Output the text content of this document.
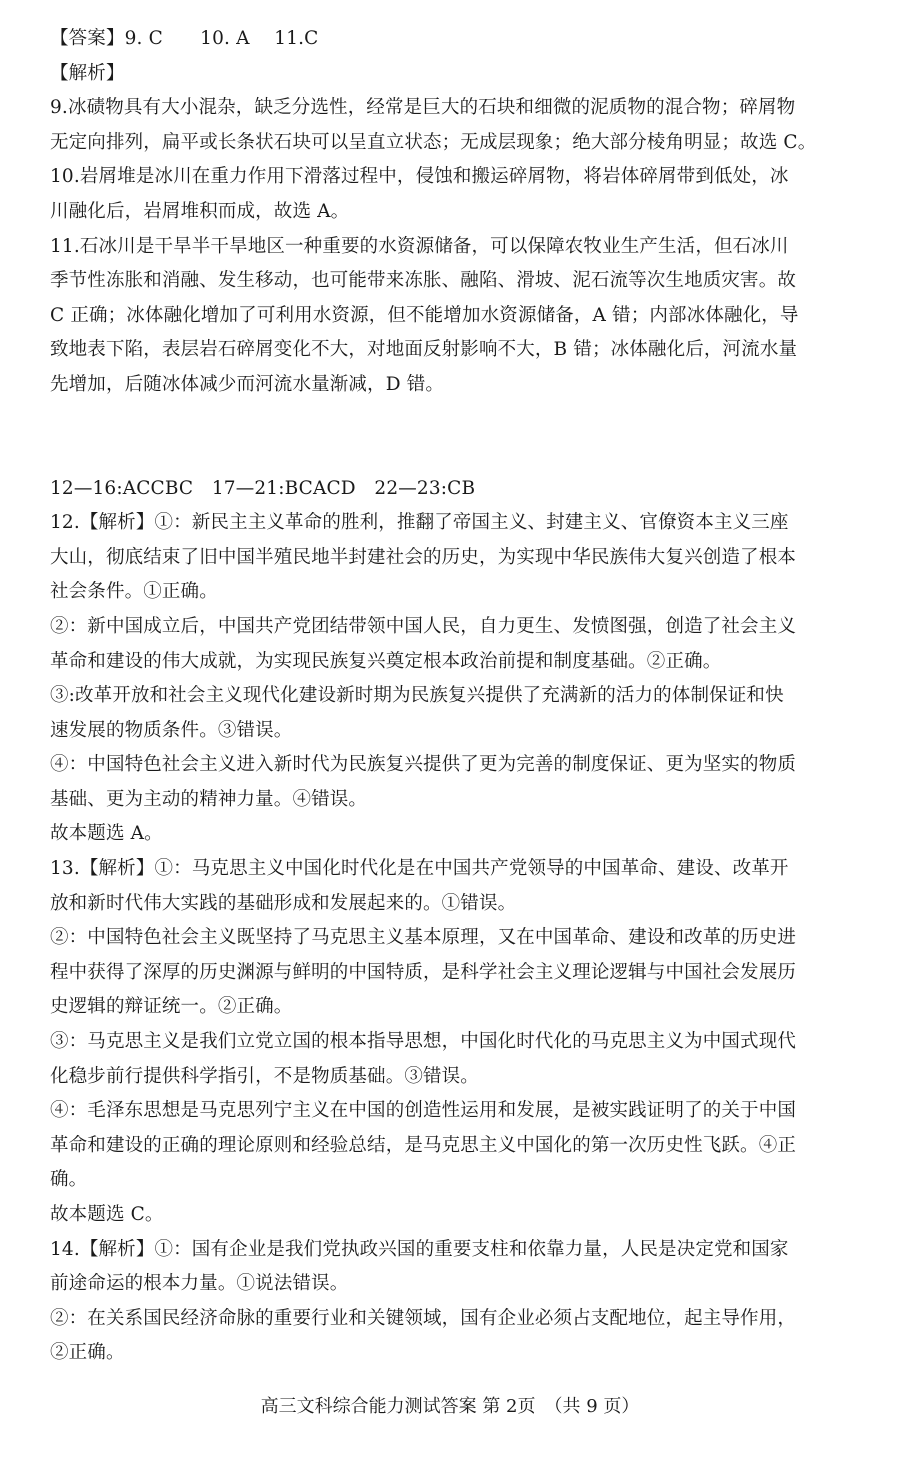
【答案】9. C　　10. A　 11.C
【解析】
9.冰碛物具有大小混杂，缺乏分选性，经常是巨大的石块和细微的泥质物的混合物；碎屑物
无定向排列，扁平或长条状石块可以呈直立状态；无成层现象；绝大部分棱角明显；故选 C。
10.岩屑堆是冰川在重力作用下滑落过程中，侵蚀和搬运碎屑物，将岩体碎屑带到低处，冰
川融化后，岩屑堆积而成，故选 A。
11.石冰川是干旱半干旱地区一种重要的水资源储备，可以保障农牧业生产生活，但石冰川
季节性冻胀和消融、发生移动，也可能带来冻胀、融陷、滑坡、泥石流等次生地质灾害。故
C 正确；冰体融化增加了可利用水资源，但不能增加水资源储备，A 错；内部冰体融化，导
致地表下陷，表层岩石碎屑变化不大，对地面反射影响不大，B 错；冰体融化后，河流水量
先增加，后随冰体减少而河流水量渐减，D 错。
12—16:ACCBC　17—21:BCACD　22—23:CB
12.【解析】①：新民主主义革命的胜利，推翻了帝国主义、封建主义、官僚资本主义三座
大山，彻底结束了旧中国半殖民地半封建社会的历史，为实现中华民族伟大复兴创造了根本
社会条件。①正确。
②：新中国成立后，中国共产党团结带领中国人民，自力更生、发愤图强，创造了社会主义
革命和建设的伟大成就，为实现民族复兴奠定根本政治前提和制度基础。②正确。
③:改革开放和社会主义现代化建设新时期为民族复兴提供了充满新的活力的体制保证和快
速发展的物质条件。③错误。
④：中国特色社会主义进入新时代为民族复兴提供了更为完善的制度保证、更为坚实的物质
基础、更为主动的精神力量。④错误。
故本题选 A。
13.【解析】①：马克思主义中国化时代化是在中国共产党领导的中国革命、建设、改革开
放和新时代伟大实践的基础形成和发展起来的。①错误。
②：中国特色社会主义既坚持了马克思主义基本原理，又在中国革命、建设和改革的历史进
程中获得了深厚的历史渊源与鲜明的中国特质，是科学社会主义理论逻辑与中国社会发展历
史逻辑的辩证统一。②正确。
③：马克思主义是我们立党立国的根本指导思想，中国化时代化的马克思主义为中国式现代
化稳步前行提供科学指引，不是物质基础。③错误。
④：毛泽东思想是马克思列宁主义在中国的创造性运用和发展，是被实践证明了的关于中国
革命和建设的正确的理论原则和经验总结，是马克思主义中国化的第一次历史性飞跃。④正
确。
故本题选 C。
14.【解析】①：国有企业是我们党执政兴国的重要支柱和依靠力量，人民是决定党和国家
前途命运的根本力量。①说法错误。
②：在关系国民经济命脉的重要行业和关键领域，国有企业必须占支配地位，起主导作用，
②正确。
高三文科综合能力测试答案 第 2页　（共 9 页）
